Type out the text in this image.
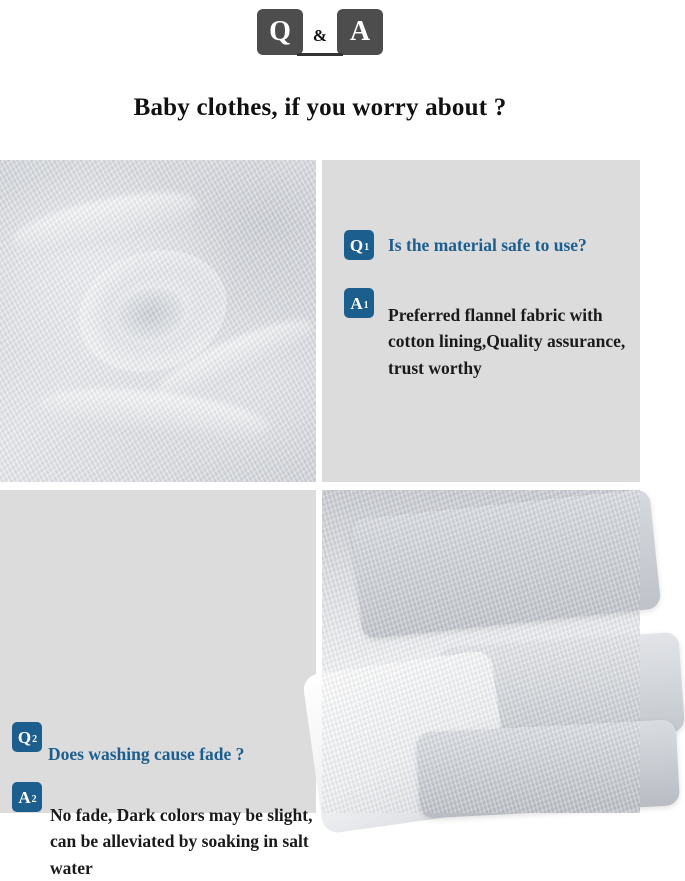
Q	& A
Baby clothes, if you worry about ?
$Q_1$ Is the material safe to use?
$A_1$ Preferred flannel fabric with cotton lining,Quality assurance, trust worthy
$Q_2$
Does washing cause fade ?
$A_2$
No fade, Dark colors may be slight, can be alleviated by soaking in salt water
